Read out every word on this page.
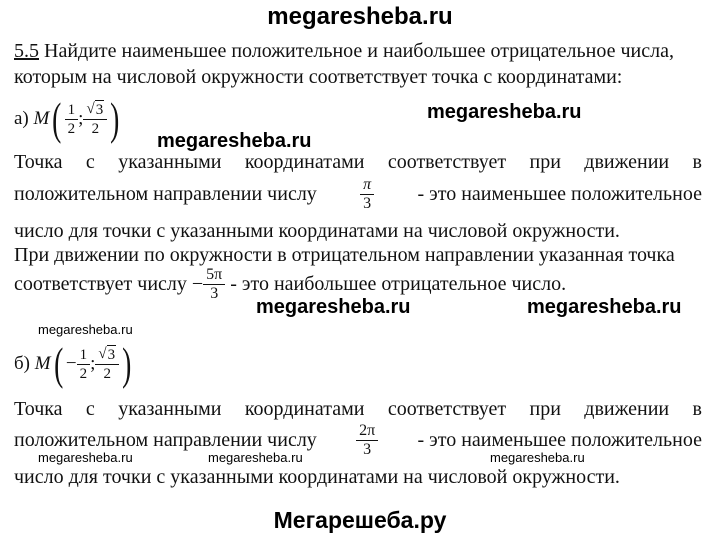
megaresheba.ru
5.5 Найдите наименьшее положительное и наибольшее отрицательное числа,
которым на числовой окружности соответствует точка с координатами:
а)
M ( $\frac{1}{2}$ ; $\frac{√ 3}{2}$ )	megaresheba.ru
megaresheba.ru
Точка с указанными координатами соответствует при движении в
положительном направлении числу	$\frac{\pi}{3}$ - это наименьшее положительное
число для точки с указанными координатами на числовой окружности.
При движении по окружности в отрицательном направлении указанная точка
соответствует числу
− $\frac{5\pi}{3}$
- это наибольшее отрицательное число.
megaresheba.ru	megaresheba.ru
megaresheba.ru
б)
M ( − $\frac{1}{2}$ ; $\frac{√ 3}{2}$ )
Точка с указанными координатами соответствует при движении в
положительном направлении числу $\frac{2\pi}{3}$ - это наименьшее положительное
megaresheba.ru	megaresheba.ru	megaresheba.ru
число для точки с указанными координатами на числовой окружности.
Мегарешеба.ру
